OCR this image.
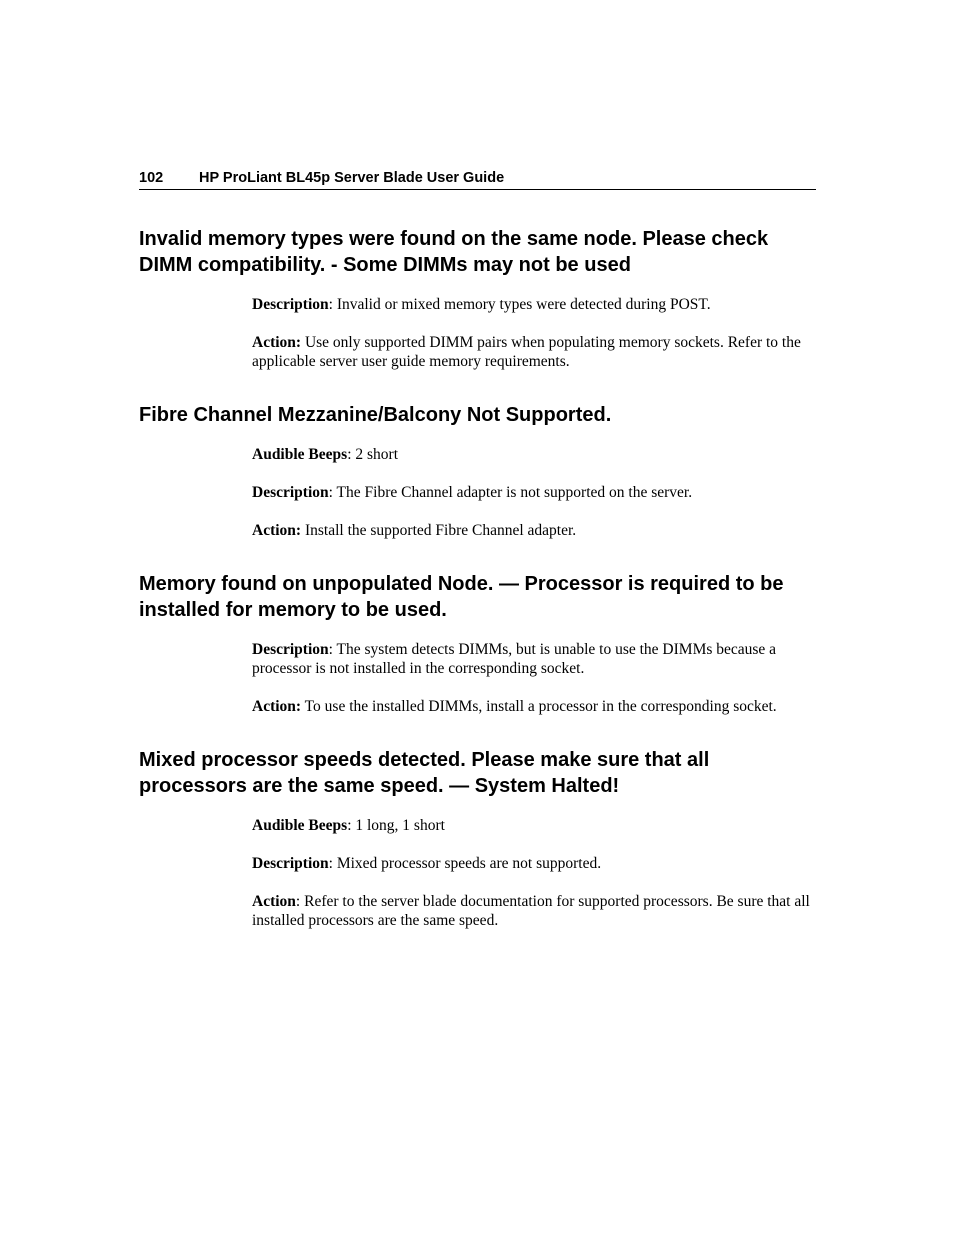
102 HP ProLiant BL45p Server Blade User Guide
Invalid memory types were found on the same node. Please check DIMM compatibility. - Some DIMMs may not be used

Description: Invalid or mixed memory types were detected during POST.

Action: Use only supported DIMM pairs when populating memory sockets. Refer to the applicable server user guide memory requirements.

Fibre Channel Mezzanine/Balcony Not Supported.

Audible Beeps: 2 short

Description: The Fibre Channel adapter is not supported on the server.

Action: Install the supported Fibre Channel adapter.

Memory found on unpopulated Node. — Processor is required to be installed for memory to be used.

Description: The system detects DIMMs, but is unable to use the DIMMs because a processor is not installed in the corresponding socket.

Action: To use the installed DIMMs, install a processor in the corresponding socket.

Mixed processor speeds detected. Please make sure that all processors are the same speed. — System Halted!

Audible Beeps: 1 long, 1 short

Description: Mixed processor speeds are not supported.

Action: Refer to the server blade documentation for supported processors. Be sure that all installed processors are the same speed.
